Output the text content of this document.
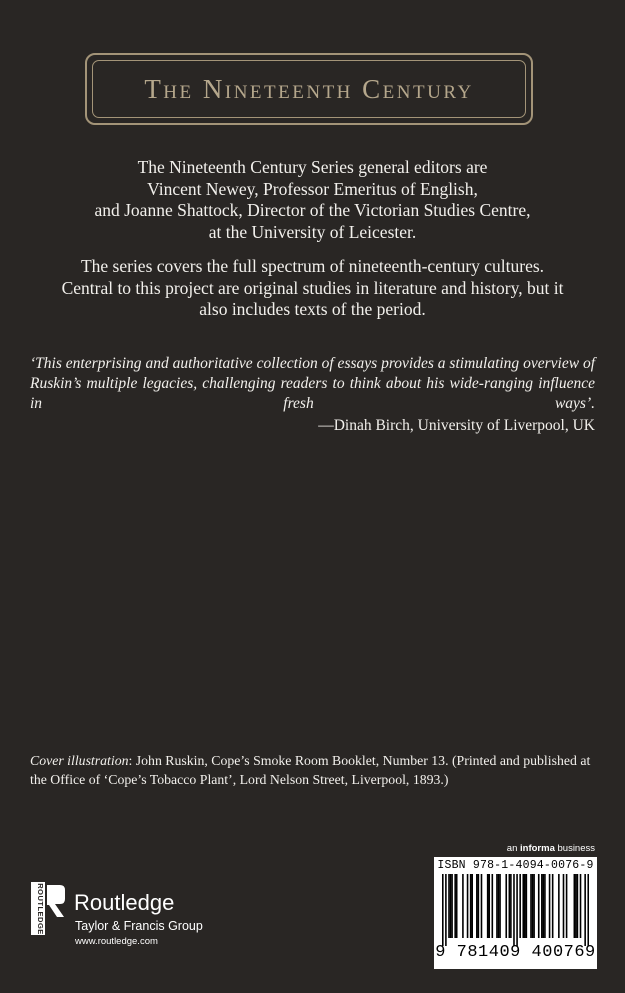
The Nineteenth Century

The Nineteenth Century Series general editors are
Vincent Newey, Professor Emeritus of English,
and Joanne Shattock, Director of the Victorian Studies Centre,
at the University of Leicester.

The series covers the full spectrum of nineteenth-century cultures.
Central to this project are original studies in literature and history, but it
also includes texts of the period.

‘This enterprising and authoritative collection of essays provides a stimulating overview of Ruskin’s multiple legacies, challenging readers to think about his wide-ranging influence in fresh ways’.

—Dinah Birch, University of Liverpool, UK
Cover illustration: John Ruskin, Cope’s Smoke Room Booklet, Number 13. (Printed and published at the Office of ‘Cope’s Tobacco Plant’, Lord Nelson Street, Liverpool, 1893.)
an informa business
ROUTLEDGE Routledge
Taylor & Francis Group
www.routledge.com
ISBN 978-1-4094-0076-9
9 781409 400769
